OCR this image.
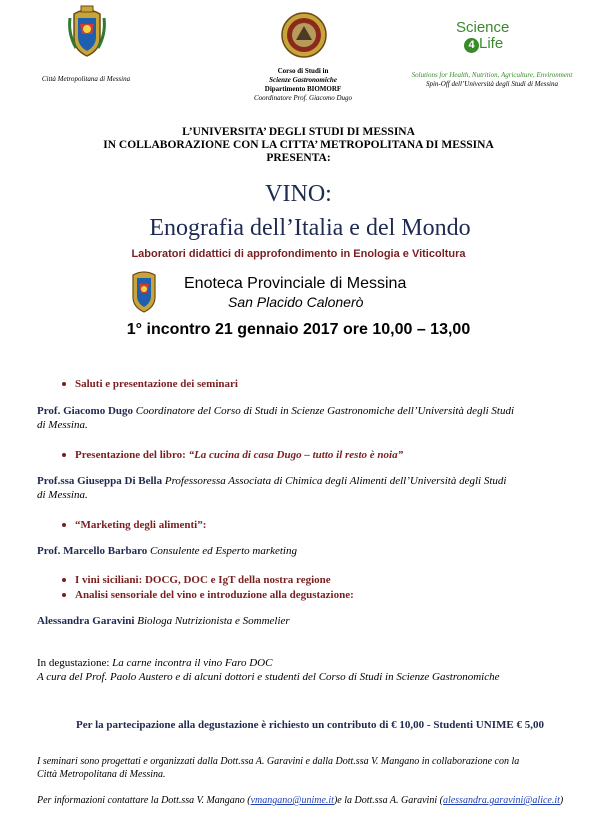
Città Metropolitana di Messina
Corso di Studi in
Scienze Gastronomiche
Dipartimento BIOMORF
Coordinatore Prof. Giacomo Dugo
Science
4 Life
Solutions for Health, Nutrition, Agriculture, Environment
Spin-Off dell’Università degli Studi di Messina
L’UNIVERSITA’ DEGLI STUDI DI MESSINA
IN COLLABORAZIONE CON LA CITTA’ METROPOLITANA DI MESSINA
PRESENTA:
VINO:
Enografia dell’Italia e del Mondo
Laboratori didattici di approfondimento in Enologia e Viticoltura
Enoteca Provinciale di Messina
San Placido Calonerò
1° incontro 21 gennaio 2017 ore 10,00 – 13,00
Saluti e presentazione dei seminari
Prof. Giacomo Dugo Coordinatore del Corso di Studi in Scienze Gastronomiche dell’Università degli Studi
di Messina.
Presentazione del libro: “La cucina di casa Dugo – tutto il resto è noia”
Prof.ssa Giuseppa Di Bella Professoressa Associata di Chimica degli Alimenti dell’Università degli Studi
di Messina.
“Marketing degli alimenti”:
Prof. Marcello Barbaro Consulente ed Esperto marketing
I vini siciliani: DOCG, DOC e IgT della nostra regione
Analisi sensoriale del vino e introduzione alla degustazione:
Alessandra Garavini Biologa Nutrizionista e Sommelier
In degustazione: La carne incontra il vino Faro DOC
A cura del Prof. Paolo Austero e di alcuni dottori e studenti del Corso di Studi in Scienze Gastronomiche
Per la partecipazione alla degustazione è richiesto un contributo di € 10,00 - Studenti UNIME € 5,00
I seminari sono progettati e organizzati dalla Dott.ssa A. Garavini e dalla Dott.ssa V. Mangano in collaborazione con la
Città Metropolitana di Messina.
Per informazioni contattare la Dott.ssa V. Mangano (vmangano@unime.it)e la Dott.ssa A. Garavini (alessandra.garavini@alice.it)
